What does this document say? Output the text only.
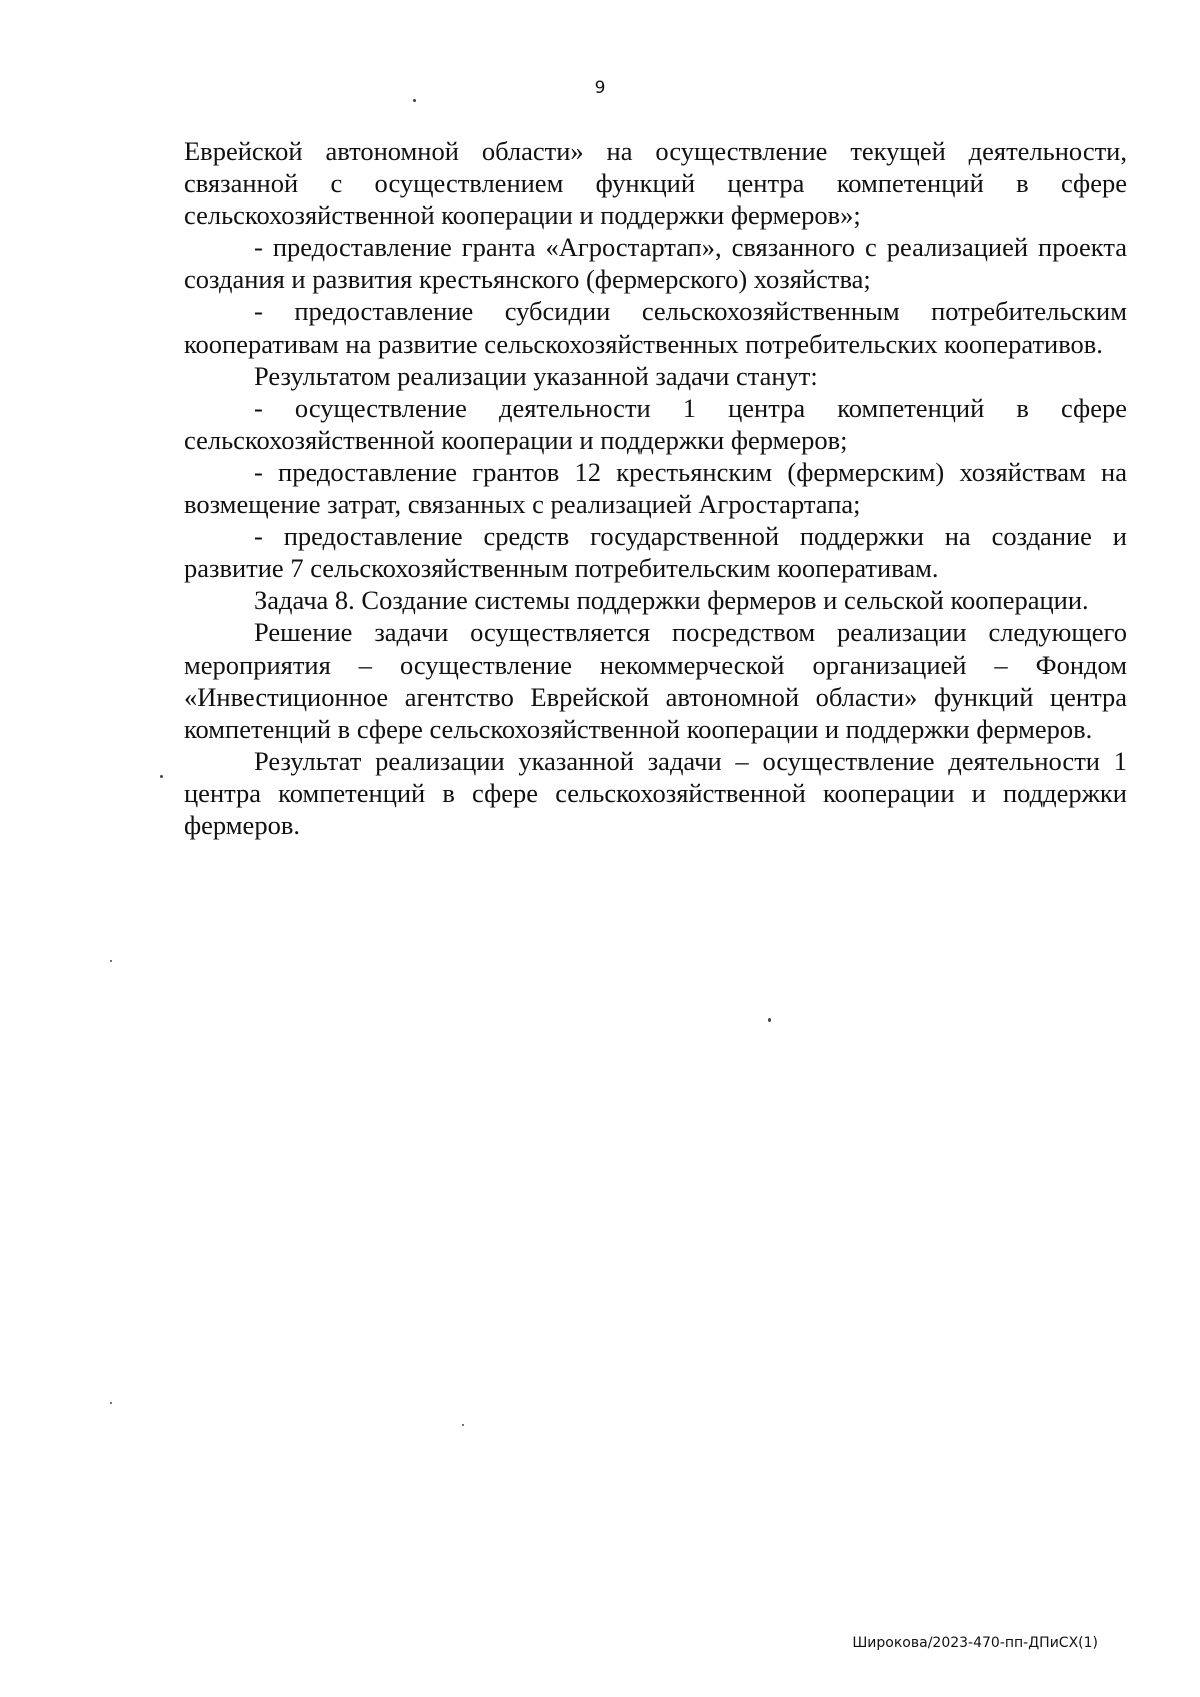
9

Еврейской автономной области» на осуществление текущей деятельности, связанной с осуществлением функций центра компетенций в сфере сельскохозяйственной кооперации и поддержки фермеров»;

- предоставление гранта «Агростартап», связанного с реализацией проекта создания и развития крестьянского (фермерского) хозяйства;

- предоставление субсидии сельскохозяйственным потребительским кооперативам на развитие сельскохозяйственных потребительских кооперативов.

Результатом реализации указанной задачи станут:

- осуществление деятельности 1 центра компетенций в сфере сельскохозяйственной кооперации и поддержки фермеров;

- предоставление грантов 12 крестьянским (фермерским) хозяйствам на возмещение затрат, связанных с реализацией Агростартапа;

- предоставление средств государственной поддержки на создание и развитие 7 сельскохозяйственным потребительским кооперативам.

Задача 8. Создание системы поддержки фермеров и сельской кооперации.

Решение задачи осуществляется посредством реализации следующего мероприятия – осуществление некоммерческой организацией – Фондом «Инвестиционное агентство Еврейской автономной области» функций центра компетенций в сфере сельскохозяйственной кооперации и поддержки фермеров.

Результат реализации указанной задачи – осуществление деятельности 1 центра компетенций в сфере сельскохозяйственной кооперации и поддержки фермеров.

Широкова/2023-470-пп-ДПиСХ(1)
